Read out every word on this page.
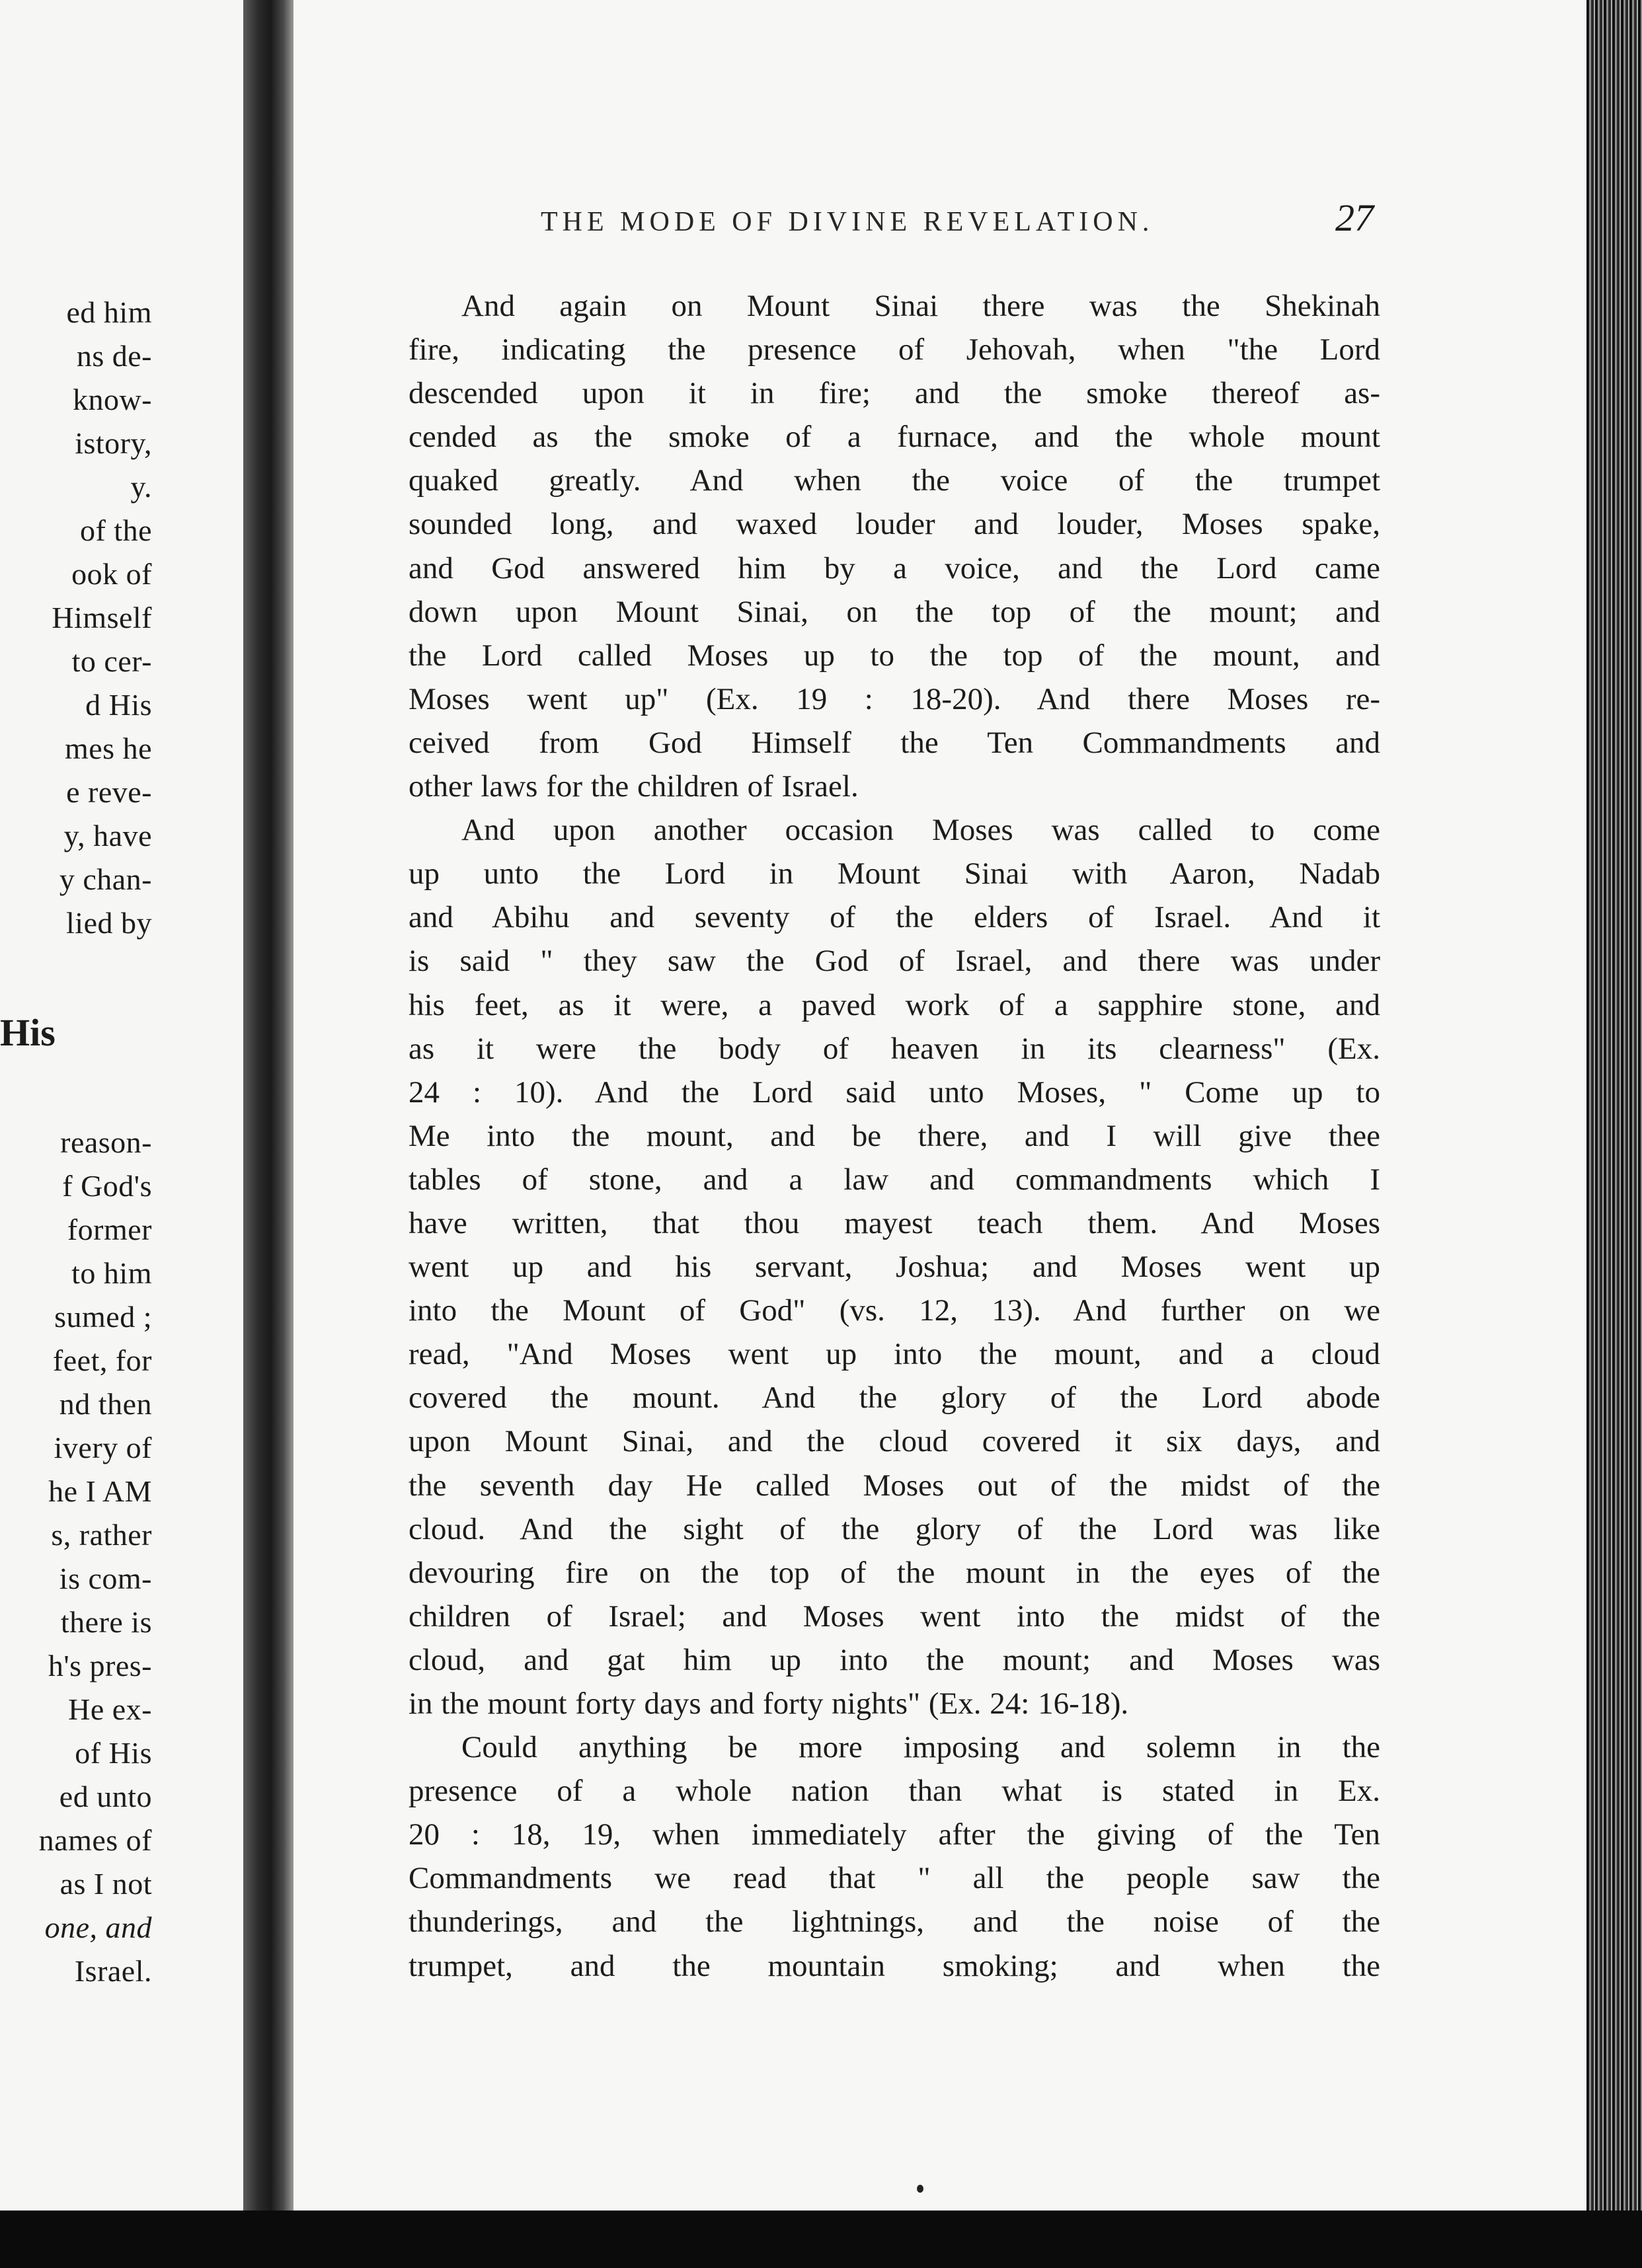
ed him
ns de-
know-
istory,
y.
of the
ook of
Himself
to cer-
d His
mes he
e reve-
y, have
y chan-
lied by
His
reason-
f God's
former
to him
sumed ;
feet, for
nd then
ivery of
he I AM
s, rather
is com-
there is
h's pres-
He ex-
of His
ed unto
names of
as I not
one, and
Israel.
THE MODE OF DIVINE REVELATION.	27
And again on Mount Sinai there was the Shekinah
fire, indicating the presence of Jehovah, when "the Lord
descended upon it in fire; and the smoke thereof as-
cended as the smoke of a furnace, and the whole mount
quaked greatly. And when the voice of the trumpet
sounded long, and waxed louder and louder, Moses spake,
and God answered him by a voice, and the Lord came
down upon Mount Sinai, on the top of the mount; and
the Lord called Moses up to the top of the mount, and
Moses went up" (Ex. 19 : 18-20). And there Moses re-
ceived from God Himself the Ten Commandments and
other laws for the children of Israel.
And upon another occasion Moses was called to come
up unto the Lord in Mount Sinai with Aaron, Nadab
and Abihu and seventy of the elders of Israel. And it
is said " they saw the God of Israel, and there was under
his feet, as it were, a paved work of a sapphire stone, and
as it were the body of heaven in its clearness" (Ex.
24 : 10). And the Lord said unto Moses, " Come up to
Me into the mount, and be there, and I will give thee
tables of stone, and a law and commandments which I
have written, that thou mayest teach them. And Moses
went up and his servant, Joshua; and Moses went up
into the Mount of God" (vs. 12, 13). And further on we
read, "And Moses went up into the mount, and a cloud
covered the mount. And the glory of the Lord abode
upon Mount Sinai, and the cloud covered it six days, and
the seventh day He called Moses out of the midst of the
cloud. And the sight of the glory of the Lord was like
devouring fire on the top of the mount in the eyes of the
children of Israel; and Moses went into the midst of the
cloud, and gat him up into the mount; and Moses was
in the mount forty days and forty nights" (Ex. 24: 16-18).
Could anything be more imposing and solemn in the
presence of a whole nation than what is stated in Ex.
20 : 18, 19, when immediately after the giving of the Ten
Commandments we read that " all the people saw the
thunderings, and the lightnings, and the noise of the
trumpet, and the mountain smoking; and when the
